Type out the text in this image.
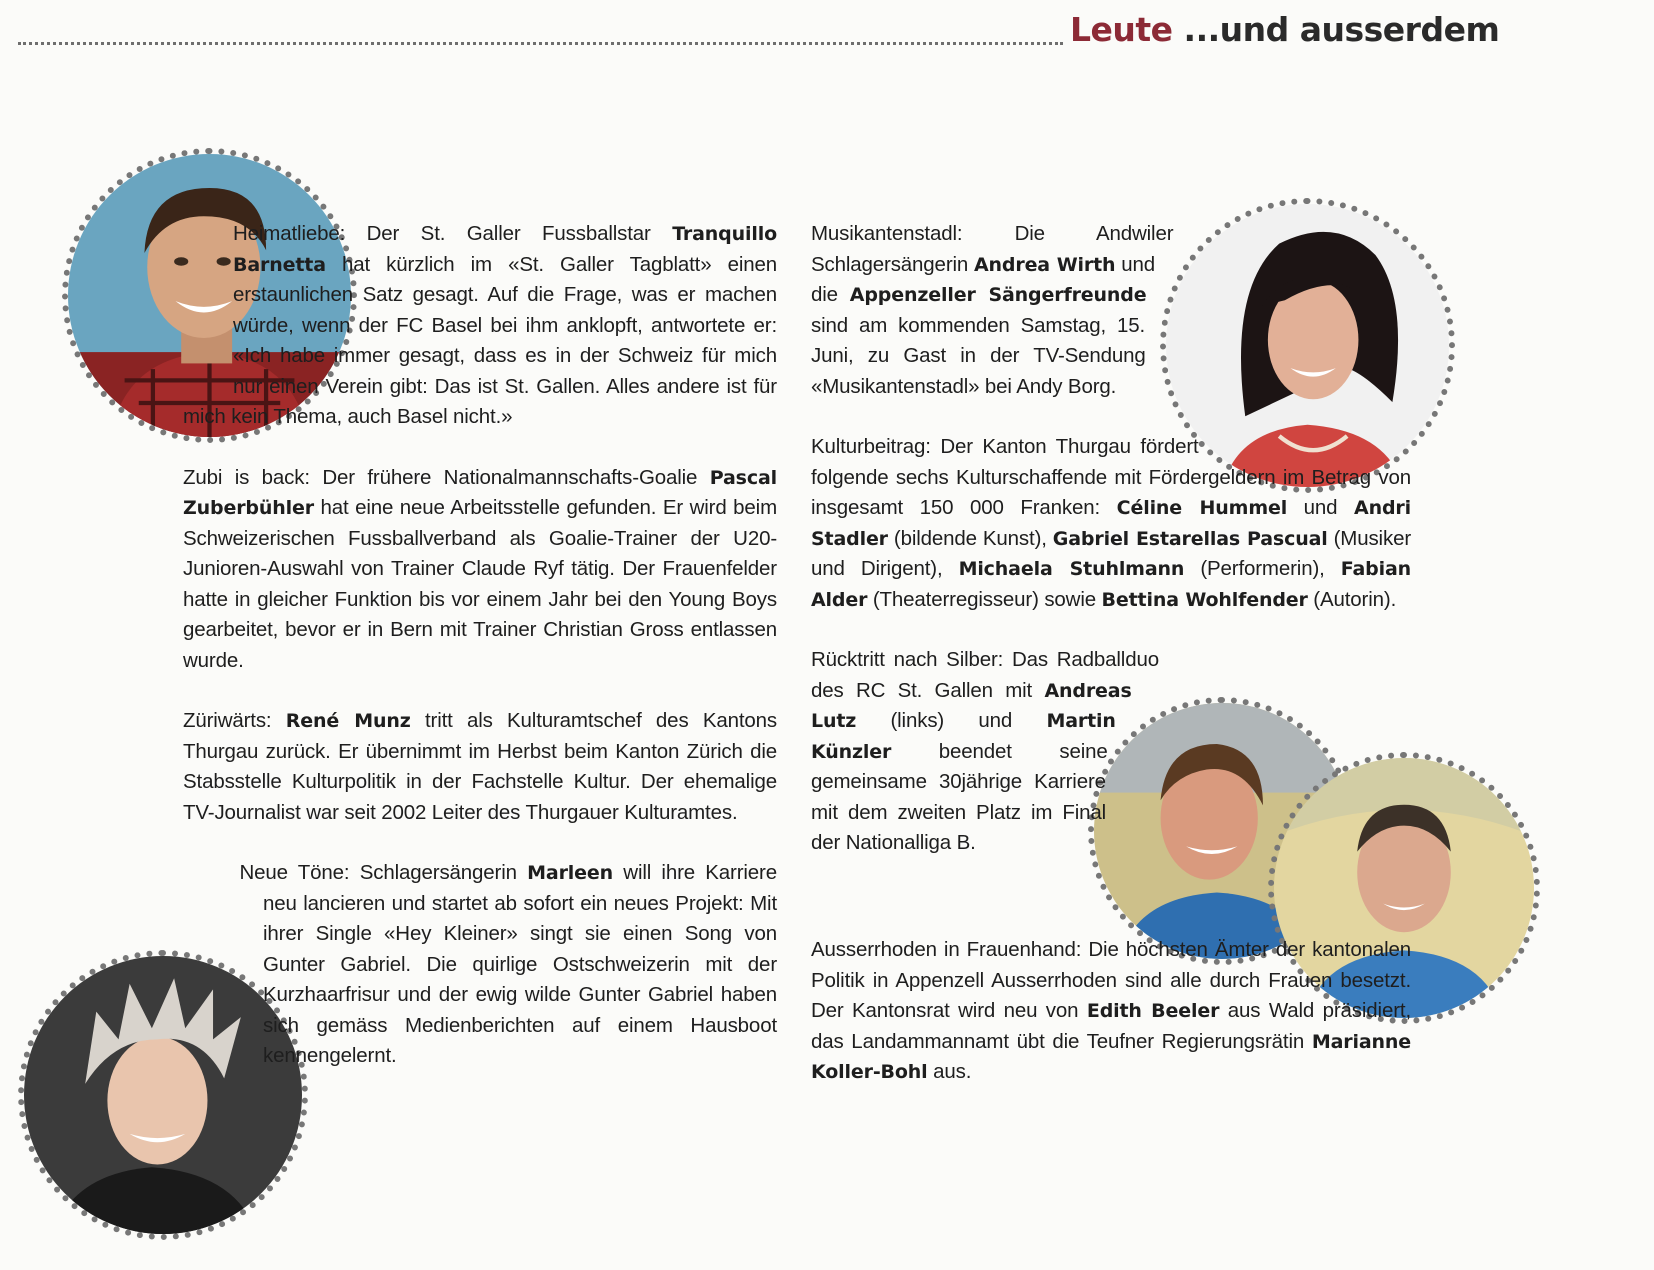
Leute ...und ausserdem

Heimatliebe: Der St. Galler Fussballstar Tranquillo Barnetta hat kürzlich im «St. Galler Tagblatt» einen erstaunlichen Satz gesagt. Auf die Frage, was er machen würde, wenn der FC Basel bei ihm anklopft, antwortete er: «Ich habe immer gesagt, dass es in der Schweiz für mich nur einen Verein gibt: Das ist St. Gallen. Alles andere ist für mich kein Thema, auch Basel nicht.»

Zubi is back: Der frühere Nationalmannschafts-Goalie Pascal Zuberbühler hat eine neue Arbeitsstelle gefunden. Er wird beim Schweizerischen Fussballverband als Goalie-Trainer der U20-Junioren-Auswahl von Trainer Claude Ryf tätig. Der Frauenfelder hatte in gleicher Funktion bis vor einem Jahr bei den Young Boys gearbeitet, bevor er in Bern mit Trainer Christian Gross entlassen wurde.

Züriwärts: René Munz tritt als Kulturamtschef des Kantons Thurgau zurück. Er übernimmt im Herbst beim Kanton Zürich die Stabsstelle Kulturpolitik in der Fachstelle Kultur. Der ehemalige TV-Journalist war seit 2002 Leiter des Thurgauer Kulturamtes.

Neue Töne: Schlagersängerin Marleen will ihre Karriere neu lancieren und startet ab sofort ein neues Projekt: Mit ihrer Single «Hey Kleiner» singt sie einen Song von Gunter Gabriel. Die quirlige Ostschweizerin mit der Kurzhaarfrisur und der ewig wilde Gunter Gabriel haben sich gemäss Medienberichten auf einem Hausboot kennengelernt.

Musikantenstadl: Die Andwiler Schlagersängerin Andrea Wirth und die Appenzeller Sängerfreunde sind am kommenden Samstag, 15. Juni, zu Gast in der TV-Sendung «Musikantenstadl» bei Andy Borg.

Kulturbeitrag: Der Kanton Thurgau fördert folgende sechs Kulturschaffende mit Fördergeldern im Betrag von insgesamt 150 000 Franken: Céline Hummel und Andri Stadler (bildende Kunst), Gabriel Estarellas Pascual (Musiker und Dirigent), Michaela Stuhlmann (Performerin), Fabian Alder (Theaterregisseur) sowie Bettina Wohlfender (Autorin).

Rücktritt nach Silber: Das Radballduo des RC St. Gallen mit Andreas Lutz (links) und Martin Künzler beendet seine gemeinsame 30jährige Karriere mit dem zweiten Platz im Final der Nationalliga B.

Ausserrhoden in Frauenhand: Die höchsten Ämter der kantonalen Politik in Appenzell Ausserrhoden sind alle durch Frauen besetzt. Der Kantonsrat wird neu von Edith Beeler aus Wald präsidiert, das Landammannamt übt die Teufner Regierungsrätin Marianne Koller-Bohl aus.
